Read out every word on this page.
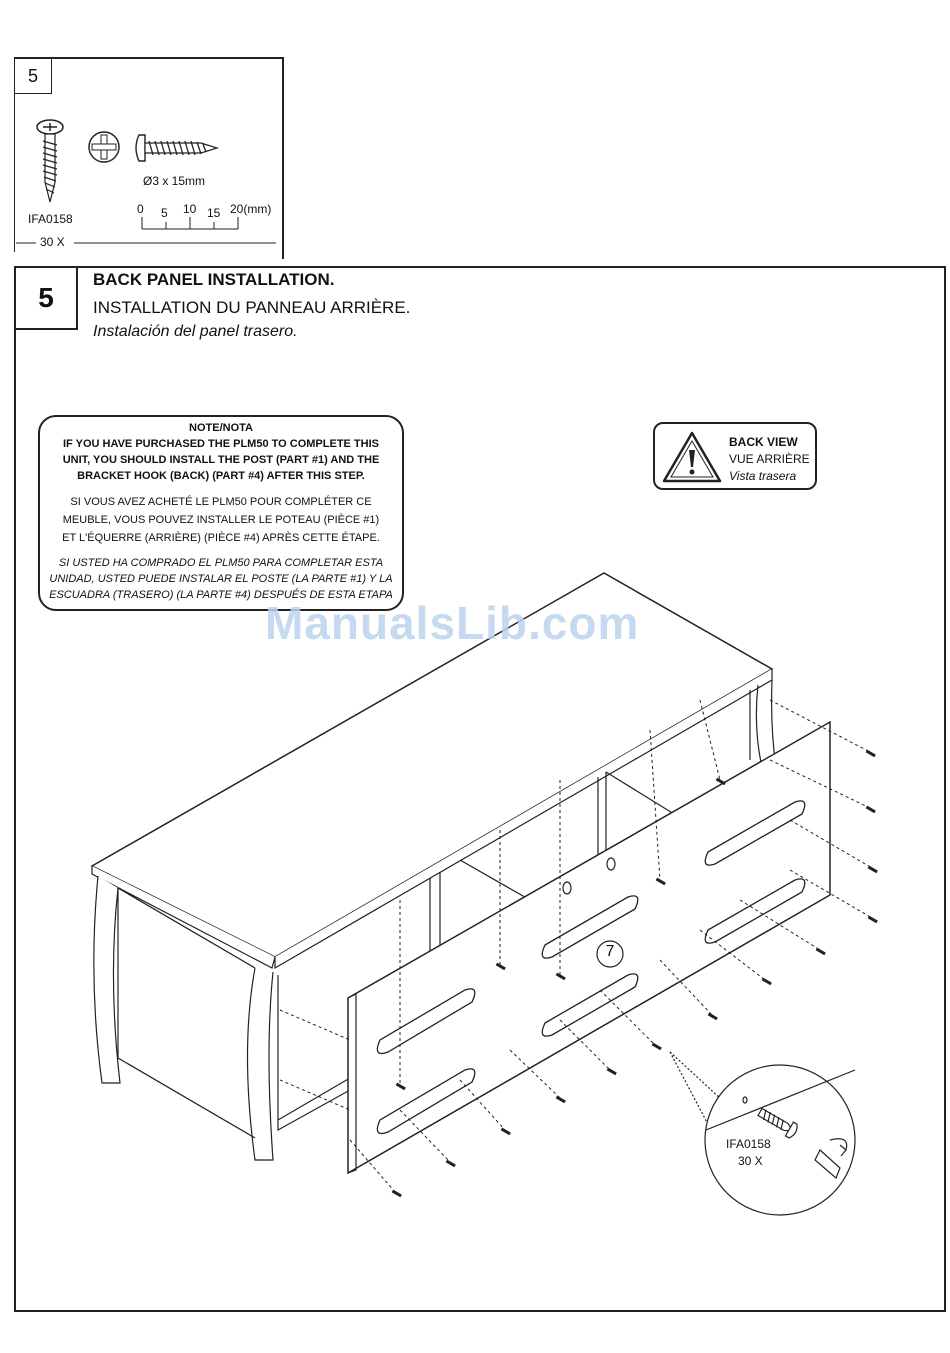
5
IFA0158
30 X
Ø3 x 15mm
0 5 10 15 20(mm)
5
BACK PANEL INSTALLATION.
INSTALLATION DU PANNEAU ARRIÈRE.
Instalación del panel trasero.

NOTE/NOTA

IF YOU HAVE PURCHASED THE PLM50 TO COMPLETE THIS

UNIT, YOU SHOULD INSTALL THE POST (PART #1) AND THE

BRACKET HOOK (BACK) (PART #4) AFTER THIS STEP.

SI VOUS AVEZ ACHETÉ LE PLM50 POUR COMPLÉTER CE

MEUBLE, VOUS POUVEZ INSTALLER LE POTEAU (PIÈCE #1)

ET L'ÉQUERRE (ARRIÈRE) (PIÈCE #4) APRÈS CETTE ÉTAPE.

SI USTED HA COMPRADO EL PLM50 PARA COMPLETAR ESTA

UNIDAD, USTED PUEDE INSTALAR EL POSTE (LA PARTE #1) Y LA

ESCUADRA (TRASERO) (LA PARTE #4) DESPUÉS DE ESTA ETAPA

BACK VIEW
VUE ARRIÈRE
Vista trasera
7
IFA0158
30 X
ManualsLib.com
